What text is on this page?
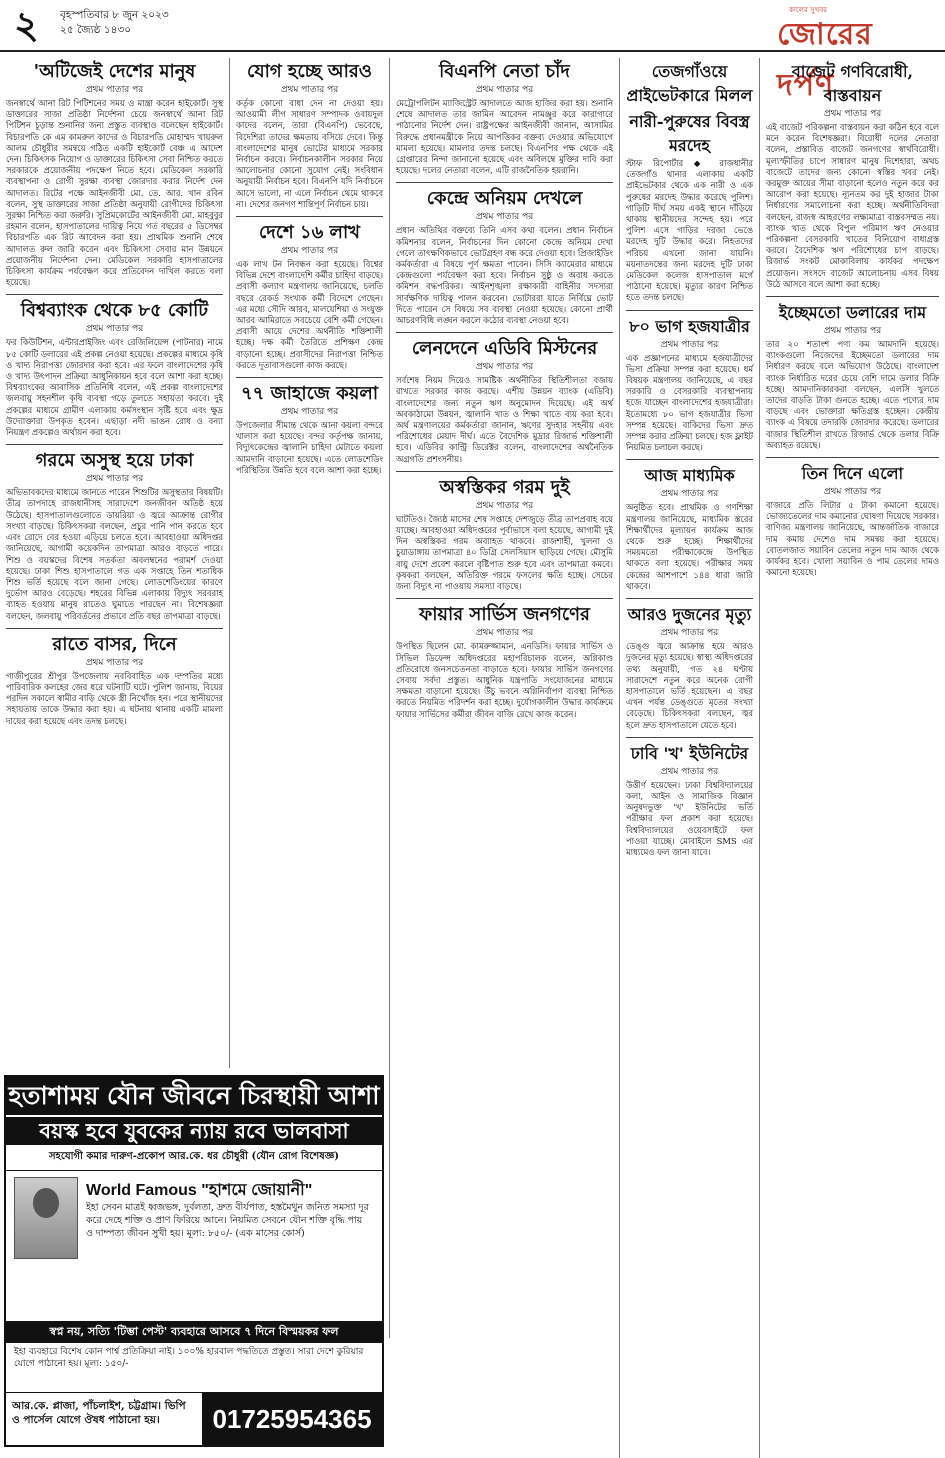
২ বৃহস্পতিবার ৮ জুন ২০২৩
২৫ জ্যৈষ্ঠ ১৪৩০
কালের সুখবর
জোরের দর্পণ
'অটিজেই দেশের মানুষ
প্রথম পাতার পর

জনস্বার্থে আনা রিট পিটিশনের সময় ও মান্ত্রা করেন হাইকোর্ট। সুস্থ ডাক্তারের সাজা প্রতিষ্ঠা নির্দেশনা চেয়ে জনস্বার্থে আনা রিট পিটিশন চূড়ান্ত শুনানির জন্য প্রস্তুত ব্যবস্থাও বলেছেন হাইকোর্ট। বিচারপতি কে এম কামরুল কাদের ও বিচারপতি মোহাম্মদ খায়রুল আলম চৌধুরীর সমন্বয়ে গঠিত একটি হাইকোর্ট বেঞ্চ এ আদেশ দেন। চিকিৎসক নিয়োগ ও ডাক্তারের চিকিৎসা সেবা নিশ্চিত করতে সরকারকে প্রয়োজনীয় পদক্ষেপ নিতে হবে। মেডিকেল সরকারি ব্যবস্থাপনা ও রোগী সুরক্ষা ব্যবস্থা জোরদার করার নির্দেশ দেন আদালত। রিটের পক্ষে আইনজীবী মো. তে. আর. খান রবিন বলেন, সুস্থ ডাক্তারের সাজা প্রতিষ্ঠা অনুযায়ী রোগীদের চিকিৎসা সুরক্ষা নিশ্চিত করা জরুরি। সুপ্রিমকোর্টের আইনজীবী মো. মাহবুবুর রহমান বলেন, হাসপাতালের দায়িত্ব নিয়ে গত বছরের ৫ ডিসেম্বর বিচারপতি এক রিট আবেদন করা হয়। প্রাথমিক শুনানি শেষে আদালত রুল জারি করেন এবং চিকিৎসা সেবার মান উন্নয়নে প্রয়োজনীয় নির্দেশনা দেন। মেডিকেল সরকারি হাসপাতালের চিকিৎসা কার্যক্রম পর্যবেক্ষণ করে প্রতিবেদন দাখিল করতে বলা হয়েছে।

বিশ্বব্যাংক থেকে ৮৫ কোটি
প্রথম পাতার পর

ফর কিউটিশন, এন্টারপ্রাইজিং এবং রেজিলিয়েন্স (পাটনার) নামে ৮৫ কোটি ডলারের এই প্রকল্প নেওয়া হয়েছে। প্রকল্পের মাধ্যমে কৃষি ও খাদ্য নিরাপত্তা জোরদার করা হবে। এর ফলে বাংলাদেশের কৃষি ও খাদ্য উৎপাদন প্রক্রিয়া আধুনিকায়ন হবে বলে আশা করা হচ্ছে। বিশ্বব্যাংকের আবাসিক প্রতিনিধি বলেন, এই প্রকল্প বাংলাদেশের জলবায়ু সহনশীল কৃষি ব্যবস্থা গড়ে তুলতে সহায়তা করবে। দুই প্রকল্পের মাধ্যমে গ্রামীণ এলাকায় কর্মসংস্থান সৃষ্টি হবে এবং ক্ষুদ্র উদ্যোক্তারা উপকৃত হবেন। এছাড়া নদী ভাঙন রোধ ও বন্যা নিয়ন্ত্রণ প্রকল্পেও অর্থায়ন করা হবে।

গরমে অসুস্থ হয়ে ঢাকা
প্রথম পাতার পর

অভিভাবকদের মাধ্যমে জানতে পারেন শিশুটির অসুস্থতার বিষয়টি। তীব্র তাপদাহে রাজধানীসহ সারাদেশে জনজীবন অতিষ্ঠ হয়ে উঠেছে। হাসপাতালগুলোতে ডায়রিয়া ও জ্বরে আক্রান্ত রোগীর সংখ্যা বাড়ছে। চিকিৎসকরা বলছেন, প্রচুর পানি পান করতে হবে এবং রোদে বের হওয়া এড়িয়ে চলতে হবে। আবহাওয়া অধিদপ্তর জানিয়েছে, আগামী কয়েকদিন তাপমাত্রা আরও বাড়তে পারে। শিশু ও বয়স্কদের বিশেষ সতর্কতা অবলম্বনের পরামর্শ দেওয়া হয়েছে। ঢাকা শিশু হাসপাতালে গত এক সপ্তাহে তিন শতাধিক শিশু ভর্তি হয়েছে বলে জানা গেছে। লোডশেডিংয়ের কারণে দুর্ভোগ আরও বেড়েছে। শহরের বিভিন্ন এলাকায় বিদ্যুৎ সরবরাহ ব্যাহত হওয়ায় মানুষ রাতেও ঘুমাতে পারছেন না। বিশেষজ্ঞরা বলছেন, জলবায়ু পরিবর্তনের প্রভাবে প্রতি বছর তাপমাত্রা বাড়ছে।

রাতে বাসর, দিনে
প্রথম পাতার পর

গাজীপুরের শ্রীপুর উপজেলায় নববিবাহিত এক দম্পতির মধ্যে পারিবারিক কলহের জের ধরে ঘটনাটি ঘটে। পুলিশ জানায়, বিয়ের পরদিন সকালে স্বামীর বাড়ি থেকে স্ত্রী নিখোঁজ হন। পরে স্থানীয়দের সহায়তায় তাকে উদ্ধার করা হয়। এ ঘটনায় থানায় একটি মামলা দায়ের করা হয়েছে এবং তদন্ত চলছে।

যোগ হচ্ছে আরও
প্রথম পাতার পর

কর্তৃক কোনো বাধা দেন না দেওয়া হয়। আওয়ামী লীগ সাধারণ সম্পাদক ওবায়দুল কাদের বলেন, তারা (বিএনপি) ভেবেছে, বিদেশিরা তাদের ক্ষমতায় বসিয়ে দেবে। কিন্তু বাংলাদেশের মানুষ ভোটের মাধ্যমে সরকার নির্বাচন করবে। নির্বাচনকালীন সরকার নিয়ে আলোচনার কোনো সুযোগ নেই। সংবিধান অনুযায়ী নির্বাচন হবে। বিএনপি যদি নির্বাচনে আসে ভালো, না এলে নির্বাচন থেমে থাকবে না। দেশের জনগণ শান্তিপূর্ণ নির্বাচন চায়।

দেশে ১৬ লাখ
প্রথম পাতার পর

এক লাখ টন নিবন্ধন করা হয়েছে। বিশ্বের বিভিন্ন দেশে বাংলাদেশি কর্মীর চাহিদা বাড়ছে। প্রবাসী কল্যাণ মন্ত্রণালয় জানিয়েছে, চলতি বছরে রেকর্ড সংখ্যক কর্মী বিদেশে গেছেন। এর মধ্যে সৌদি আরব, মালয়েশিয়া ও সংযুক্ত আরব আমিরাতে সবচেয়ে বেশি কর্মী গেছেন। প্রবাসী আয়ে দেশের অর্থনীতি শক্তিশালী হচ্ছে। দক্ষ কর্মী তৈরিতে প্রশিক্ষণ কেন্দ্র বাড়ানো হচ্ছে। প্রবাসীদের নিরাপত্তা নিশ্চিত করতে দূতাবাসগুলো কাজ করছে।

৭৭ জাহাজে কয়লা
প্রথম পাতার পর

উপজেলার সীমান্ত থেকে আনা কয়লা বন্দরে খালাস করা হয়েছে। বন্দর কর্তৃপক্ষ জানায়, বিদ্যুৎকেন্দ্রের জ্বালানি চাহিদা মেটাতে কয়লা আমদানি বাড়ানো হয়েছে। এতে লোডশেডিং পরিস্থিতির উন্নতি হবে বলে আশা করা হচ্ছে।

বিএনপি নেতা চাঁদ
প্রথম পাতার পর

মেট্রোপলিটন ম্যাজিস্ট্রেট আদালতে আজ হাজির করা হয়। শুনানি শেষে আদালত তার জামিন আবেদন নামঞ্জুর করে কারাগারে পাঠানোর নির্দেশ দেন। রাষ্ট্রপক্ষের আইনজীবী জানান, আসামির বিরুদ্ধে প্রধানমন্ত্রীকে নিয়ে আপত্তিকর বক্তব্য দেওয়ার অভিযোগে মামলা হয়েছে। মামলার তদন্ত চলছে। বিএনপির পক্ষ থেকে এই গ্রেপ্তারের নিন্দা জানানো হয়েছে এবং অবিলম্বে মুক্তির দাবি করা হয়েছে। দলের নেতারা বলেন, এটি রাজনৈতিক হয়রানি।

কেন্দ্রে অনিয়ম দেখলে
প্রথম পাতার পর

প্রধান অতিথির বক্তব্যে তিনি এসব কথা বলেন। প্রধান নির্বাচন কমিশনার বলেন, নির্বাচনের দিন কোনো কেন্দ্রে অনিয়ম দেখা গেলে তাৎক্ষণিকভাবে ভোটগ্রহণ বন্ধ করে দেওয়া হবে। প্রিজাইডিং কর্মকর্তারা এ বিষয়ে পূর্ণ ক্ষমতা পাবেন। সিসি ক্যামেরার মাধ্যমে কেন্দ্রগুলো পর্যবেক্ষণ করা হবে। নির্বাচন সুষ্ঠু ও অবাধ করতে কমিশন বদ্ধপরিকর। আইনশৃঙ্খলা রক্ষাকারী বাহিনীর সদস্যরা সার্বক্ষণিক দায়িত্ব পালন করবেন। ভোটাররা যাতে নির্বিঘ্নে ভোট দিতে পারেন সে বিষয়ে সব ব্যবস্থা নেওয়া হয়েছে। কোনো প্রার্থী আচরণবিধি লঙ্ঘন করলে কঠোর ব্যবস্থা নেওয়া হবে।

লেনদেনে এডিবি মিস্টনের
প্রথম পাতার পর

সর্বশেষ নিয়ম দিয়েও সামষ্টিক অর্থনীতির স্থিতিশীলতা বজায় রাখতে সরকার কাজ করছে। এশীয় উন্নয়ন ব্যাংক (এডিবি) বাংলাদেশের জন্য নতুন ঋণ অনুমোদন দিয়েছে। এই অর্থ অবকাঠামো উন্নয়ন, জ্বালানি খাত ও শিক্ষা খাতে ব্যয় করা হবে। অর্থ মন্ত্রণালয়ের কর্মকর্তারা জানান, ঋণের সুদহার সহনীয় এবং পরিশোধের মেয়াদ দীর্ঘ। এতে বৈদেশিক মুদ্রার রিজার্ভ শক্তিশালী হবে। এডিবির কান্ট্রি ডিরেক্টর বলেন, বাংলাদেশের অর্থনৈতিক অগ্রগতি প্রশংসনীয়।

অস্বস্তিকর গরম দুই
প্রথম পাতার পর

ঘাটতিও। জ্যৈষ্ঠ মাসের শেষ সপ্তাহে দেশজুড়ে তীব্র তাপপ্রবাহ বয়ে যাচ্ছে। আবহাওয়া অধিদপ্তরের পূর্বাভাসে বলা হয়েছে, আগামী দুই দিন অস্বস্তিকর গরম অব্যাহত থাকবে। রাজশাহী, খুলনা ও চুয়াডাঙ্গায় তাপমাত্রা ৪০ ডিগ্রি সেলসিয়াস ছাড়িয়ে গেছে। মৌসুমি বায়ু দেশে প্রবেশ করলে বৃষ্টিপাত শুরু হবে এবং তাপমাত্রা কমবে। কৃষকরা বলছেন, অতিরিক্ত গরমে ফসলের ক্ষতি হচ্ছে। সেচের জন্য বিদ্যুৎ না পাওয়ায় সমস্যা বাড়ছে।

ফায়ার সার্ভিস জনগণের
প্রথম পাতার পর

উপস্থিত ছিলেন মো. কামরুজ্জামান, এনডিসি। ফায়ার সার্ভিস ও সিভিল ডিফেন্স অধিদপ্তরের মহাপরিচালক বলেন, অগ্নিকাণ্ড প্রতিরোধে জনসচেতনতা বাড়াতে হবে। ফায়ার সার্ভিস জনগণের সেবায় সর্বদা প্রস্তুত। আধুনিক যন্ত্রপাতি সংযোজনের মাধ্যমে সক্ষমতা বাড়ানো হয়েছে। উঁচু ভবনে অগ্নিনির্বাপণ ব্যবস্থা নিশ্চিত করতে নিয়মিত পরিদর্শন করা হচ্ছে। দুর্যোগকালীন উদ্ধার কার্যক্রমে ফায়ার সার্ভিসের কর্মীরা জীবন বাজি রেখে কাজ করেন।

তেজগাঁওয়ে প্রাইভেটকারে মিলল
নারী-পুরুষের বিবস্ত্র মরদেহ

স্টাফ রিপোর্টার ◆ রাজধানীর তেজগাঁও থানার এলাকায় একটি প্রাইভেটকার থেকে এক নারী ও এক পুরুষের মরদেহ উদ্ধার করেছে পুলিশ। গাড়িটি দীর্ঘ সময় একই স্থানে দাঁড়িয়ে থাকায় স্থানীয়দের সন্দেহ হয়। পরে পুলিশ এসে গাড়ির দরজা ভেঙে মরদেহ দুটি উদ্ধার করে। নিহতদের পরিচয় এখনো জানা যায়নি। ময়নাতদন্তের জন্য মরদেহ দুটি ঢাকা মেডিকেল কলেজ হাসপাতাল মর্গে পাঠানো হয়েছে। মৃত্যুর কারণ নিশ্চিত হতে তদন্ত চলছে।

৮০ ভাগ হজযাত্রীর
প্রথম পাতার পর

এক প্রজ্ঞাপনের মাধ্যমে হজযাত্রীদের ভিসা প্রক্রিয়া সম্পন্ন করা হয়েছে। ধর্ম বিষয়ক মন্ত্রণালয় জানিয়েছে, এ বছর সরকারি ও বেসরকারি ব্যবস্থাপনায় হজে যাচ্ছেন বাংলাদেশের হজযাত্রীরা। ইতোমধ্যে ৮০ ভাগ হজযাত্রীর ভিসা সম্পন্ন হয়েছে। বাকিদের ভিসা দ্রুত সম্পন্ন করার প্রক্রিয়া চলছে। হজ ফ্লাইট নিয়মিত চলাচল করছে।

আজ মাধ্যমিক
প্রথম পাতার পর

অনুষ্ঠিত হবে। প্রাথমিক ও গণশিক্ষা মন্ত্রণালয় জানিয়েছে, মাধ্যমিক স্তরের শিক্ষার্থীদের মূল্যায়ন কার্যক্রম আজ থেকে শুরু হচ্ছে। শিক্ষার্থীদের সময়মতো পরীক্ষাকেন্দ্রে উপস্থিত থাকতে বলা হয়েছে। পরীক্ষার সময় কেন্দ্রের আশপাশে ১৪৪ ধারা জারি থাকবে।

আরও দুজনের মৃত্যু
প্রথম পাতার পর

ডেঙ্গু জ্বরে আক্রান্ত হয়ে আরও দুজনের মৃত্যু হয়েছে। স্বাস্থ্য অধিদপ্তরের তথ্য অনুযায়ী, গত ২৪ ঘণ্টায় সারাদেশে নতুন করে অনেক রোগী হাসপাতালে ভর্তি হয়েছেন। এ বছর এখন পর্যন্ত ডেঙ্গুতে মৃতের সংখ্যা বেড়েছে। চিকিৎসকরা বলছেন, জ্বর হলে দ্রুত হাসপাতালে যেতে হবে।

ঢাবি 'খ' ইউনিটের
প্রথম পাতার পর

উত্তীর্ণ হয়েছেন। ঢাকা বিশ্ববিদ্যালয়ের কলা, আইন ও সামাজিক বিজ্ঞান অনুষদভুক্ত 'খ' ইউনিটের ভর্তি পরীক্ষার ফল প্রকাশ করা হয়েছে। বিশ্ববিদ্যালয়ের ওয়েবসাইটে ফল পাওয়া যাচ্ছে। মোবাইলে SMS এর মাধ্যমেও ফল জানা যাবে।

বাজেট গণবিরোধী, বাস্তবায়ন
প্রথম পাতার পর

এই বাজেট পরিকল্পনা বাস্তবায়ন করা কঠিন হবে বলে মনে করেন বিশেষজ্ঞরা। বিরোধী দলের নেতারা বলেন, প্রস্তাবিত বাজেট জনগণের স্বার্থবিরোধী। মূল্যস্ফীতির চাপে সাধারণ মানুষ দিশেহারা, অথচ বাজেটে তাদের জন্য কোনো স্বস্তির খবর নেই। করমুক্ত আয়ের সীমা বাড়ানো হলেও নতুন করে কর আরোপ করা হয়েছে। ন্যূনতম কর দুই হাজার টাকা নির্ধারণের সমালোচনা করা হচ্ছে। অর্থনীতিবিদরা বলছেন, রাজস্ব আহরণের লক্ষ্যমাত্রা বাস্তবসম্মত নয়। ব্যাংক খাত থেকে বিপুল পরিমাণ ঋণ নেওয়ার পরিকল্পনা বেসরকারি খাতের বিনিয়োগ বাধাগ্রস্ত করবে। বৈদেশিক ঋণ পরিশোধের চাপ বাড়ছে। রিজার্ভ সংকট মোকাবিলায় কার্যকর পদক্ষেপ প্রয়োজন। সংসদে বাজেট আলোচনায় এসব বিষয় উঠে আসবে বলে আশা করা হচ্ছে।

ইচ্ছেমতো ডলারের দাম
প্রথম পাতার পর

তার ২০ শতাংশ পণ্য কম আমদানি হয়েছে। ব্যাংকগুলো নিজেদের ইচ্ছেমতো ডলারের দাম নির্ধারণ করছে বলে অভিযোগ উঠেছে। বাংলাদেশ ব্যাংক নির্ধারিত দরের চেয়ে বেশি দামে ডলার বিক্রি হচ্ছে। আমদানিকারকরা বলছেন, এলসি খুলতে তাদের বাড়তি টাকা গুনতে হচ্ছে। এতে পণ্যের দাম বাড়ছে এবং ভোক্তারা ক্ষতিগ্রস্ত হচ্ছেন। কেন্দ্রীয় ব্যাংক এ বিষয়ে তদারকি জোরদার করেছে। ডলারের বাজার স্থিতিশীল রাখতে রিজার্ভ থেকে ডলার বিক্রি অব্যাহত রয়েছে।

তিন দিনে এলো
প্রথম পাতার পর

বাজারে প্রতি লিটার ৫ টাকা কমানো হয়েছে। ভোজ্যতেলের দাম কমানোর ঘোষণা দিয়েছে সরকার। বাণিজ্য মন্ত্রণালয় জানিয়েছে, আন্তর্জাতিক বাজারে দাম কমায় দেশেও দাম সমন্বয় করা হয়েছে। বোতলজাত সয়াবিন তেলের নতুন দাম আজ থেকে কার্যকর হবে। খোলা সয়াবিন ও পাম তেলের দামও কমানো হয়েছে।

হতাশাময় যৌন জীবনে চিরস্থায়ী আশা
বয়স্ক হবে যুবকের ন্যায় রবে ভালবাসা
সহযোগী কমার দারুণ-প্রকোপ আর.কে. ধর চৌধুরী (যৌন রোগ বিশেষজ্ঞ)
World Famous "হাশমে জোয়ানী"
ইহা সেবন মাত্রই ধ্বজভঙ্গ, দুর্বলতা, দ্রুত বীর্যপাত, হস্তমৈথুন জনিত সমস্যা দূর করে দেহে শক্তি ও প্রাণ ফিরিয়ে আনে। নিয়মিত সেবনে যৌন শক্তি বৃদ্ধি পায় ও দাম্পত্য জীবন সুখী হয়। মূল্য: ৮৫০/- (এক মাসের কোর্স)
স্বপ্ন নয়, সত্যি 'টিম্ভা পেস্ট' ব্যবহারে আসবে ৭ দিনে বিস্ময়কর ফল
ইহা ব্যবহারে বিশেষ কোন পার্শ্ব প্রতিক্রিয়া নাই। ১০০% হারবাল পদ্ধতিতে প্রস্তুত। সারা দেশে কুরিয়ার যোগে পাঠানো হয়। মূল্য: ১৫০/-
আর.কে. প্লাজা, পাঁচলাইশ, চট্টগ্রাম। ভিপি ও পার্সেল যোগে ঔষধ পাঠানো হয়।	01725954365
